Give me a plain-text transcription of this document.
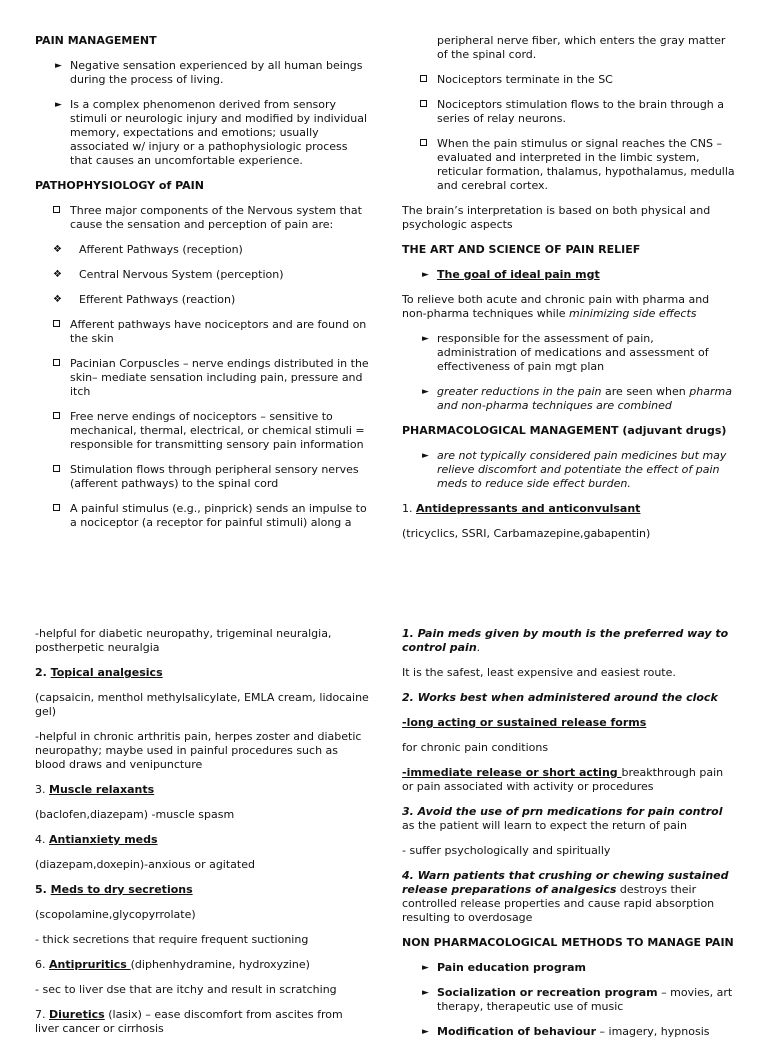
PAIN MANAGEMENT

► Negative sensation experienced by all human beings during the process of living.

► Is a complex phenomenon derived from sensory stimuli or neurologic injury and modified by individual memory, expectations and emotions; usually associated w/ injury or a pathophysiologic process that causes an uncomfortable experience.

PATHOPHYSIOLOGY of PAIN

Three major components of the Nervous system that cause the sensation and perception of pain are:

❖ Afferent Pathways (reception)

❖ Central Nervous System (perception)

❖ Efferent Pathways (reaction)

Afferent pathways have nociceptors and are found on the skin

Pacinian Corpuscles – nerve endings distributed in the skin– mediate sensation including pain, pressure and itch

Free nerve endings of nociceptors – sensitive to mechanical, thermal, electrical, or chemical stimuli = responsible for transmitting sensory pain information

Stimulation flows through peripheral sensory nerves (afferent pathways) to the spinal cord

A painful stimulus (e.g., pinprick) sends an impulse to a nociceptor (a receptor for painful stimuli) along a

peripheral nerve fiber, which enters the gray matter of the spinal cord.

Nociceptors terminate in the SC

Nociceptors stimulation flows to the brain through a series of relay neurons.

When the pain stimulus or signal reaches the CNS – evaluated and interpreted in the limbic system, reticular formation, thalamus, hypothalamus, medulla and cerebral cortex.

The brain’s interpretation is based on both physical and psychologic aspects

THE ART AND SCIENCE OF PAIN RELIEF

► The goal of ideal pain mgt

To relieve both acute and chronic pain with pharma and non-pharma techniques while minimizing side effects

► responsible for the assessment of pain, administration of medications and assessment of effectiveness of pain mgt plan

► greater reductions in the pain are seen when pharma and non-pharma techniques are combined

PHARMACOLOGICAL MANAGEMENT (adjuvant drugs)

► are not typically considered pain medicines but may relieve discomfort and potentiate the effect of pain meds to reduce side effect burden.

1. Antidepressants and anticonvulsant

(tricyclics, SSRI, Carbamazepine,gabapentin)

-helpful for diabetic neuropathy, trigeminal neuralgia, postherpetic neuralgia

2. Topical analgesics

(capsaicin, menthol methylsalicylate, EMLA cream, lidocaine gel)

-helpful in chronic arthritis pain, herpes zoster and diabetic neuropathy; maybe used in painful procedures such as blood draws and venipuncture

3. Muscle relaxants

(baclofen,diazepam) -muscle spasm

4. Antianxiety meds

(diazepam,doxepin)-anxious or agitated

5. Meds to dry secretions

(scopolamine,glycopyrrolate)

- thick secretions that require frequent suctioning

6. Antipruritics (diphenhydramine, hydroxyzine)

- sec to liver dse that are itchy and result in scratching

7. Diuretics (lasix) – ease discomfort from ascites from liver cancer or cirrhosis

1. Pain meds given by mouth is the preferred way to control pain.

It is the safest, least expensive and easiest route.

2. Works best when administered around the clock

-long acting or sustained release forms

for chronic pain conditions

-immediate release or short acting breakthrough pain or pain associated with activity or procedures

3. Avoid the use of prn medications for pain control as the patient will learn to expect the return of pain

- suffer psychologically and spiritually

4. Warn patients that crushing or chewing sustained release preparations of analgesics destroys their controlled release properties and cause rapid absorption resulting to overdosage

NON PHARMACOLOGICAL METHODS TO MANAGE PAIN

► Pain education program

► Socialization or recreation program – movies, art therapy, therapeutic use of music

► Modification of behaviour – imagery, hypnosis
